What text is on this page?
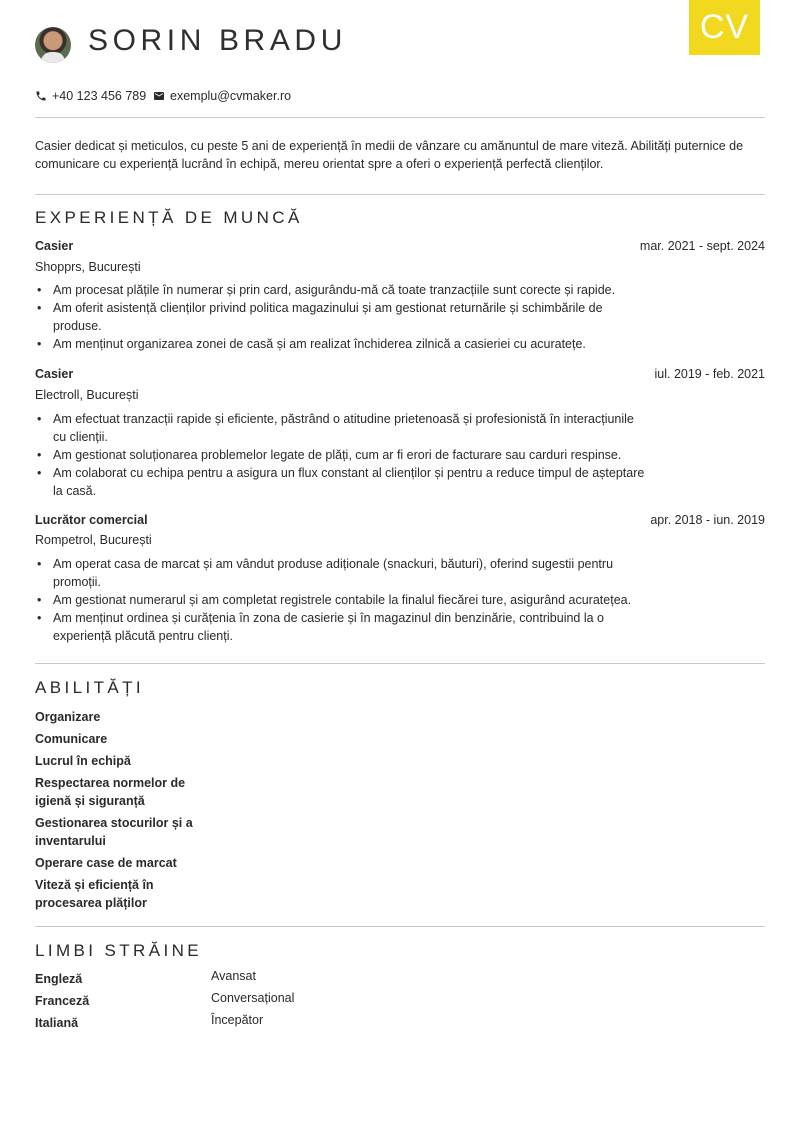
CV
SORIN BRADU
+40 123 456 789 exemplu@cvmaker.ro

Casier dedicat și meticulos, cu peste 5 ani de experiență în medii de vânzare cu amănuntul de mare viteză. Abilități puternice de comunicare cu experiență lucrând în echipă, mereu orientat spre a oferi o experiență perfectă clienților.

EXPERIENȚĂ DE MUNCĂ
Casier	mar. 2021 - sept. 2024
Shopprs, București
• Am procesat plățile în numerar și prin card, asigurându-mă că toate tranzacțiile sunt corecte și rapide.
• Am oferit asistență clienților privind politica magazinului și am gestionat returnările și schimbările de produse.
• Am menținut organizarea zonei de casă și am realizat închiderea zilnică a casieriei cu acuratețe.
Casier	iul. 2019 - feb. 2021
Electroll, București
• Am efectuat tranzacții rapide și eficiente, păstrând o atitudine prietenoasă și profesionistă în interacțiunile cu clienții.
• Am gestionat soluționarea problemelor legate de plăți, cum ar fi erori de facturare sau carduri respinse.
• Am colaborat cu echipa pentru a asigura un flux constant al clienților și pentru a reduce timpul de așteptare la casă.
Lucrător comercial	apr. 2018 - iun. 2019
Rompetrol, București
• Am operat casa de marcat și am vândut produse adiționale (snackuri, băuturi), oferind sugestii pentru promoții.
• Am gestionat numerarul și am completat registrele contabile la finalul fiecărei ture, asigurând acuratețea.
• Am menținut ordinea și curățenia în zona de casierie și în magazinul din benzinărie, contribuind la o experiență plăcută pentru clienți.
ABILITĂȚI
Organizare
Comunicare
Lucrul în echipă
Respectarea normelor de igienă și siguranță
Gestionarea stocurilor și a inventarului
Operare case de marcat
Viteză și eficiență în procesarea plăților
LIMBI STRĂINE
Engleză	Avansat
Franceză	Conversațional
Italiană	Începător
